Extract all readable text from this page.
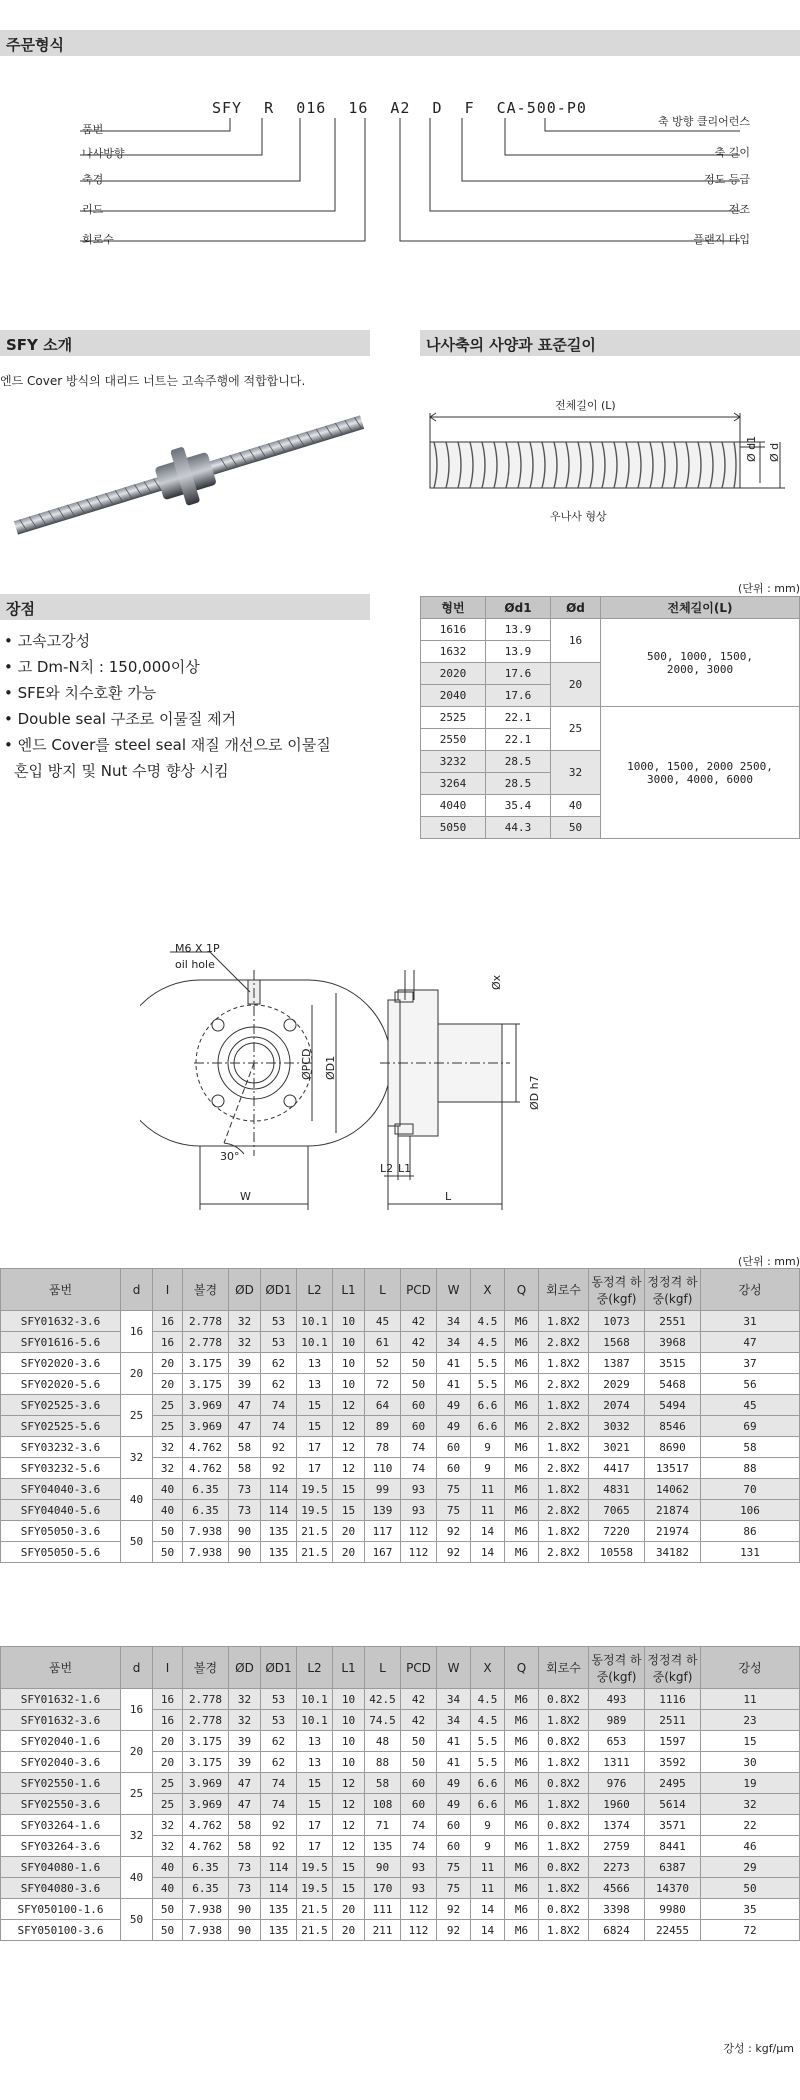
주문형식
SFY R 016 16 A2 D F CA-500-P0
품번
나사방향
축경
리드
회로수
축 방향 클리어런스
축 길이
정도 등급
전조
플랜지 타입
SFY 소개
엔드 Cover 방식의 대리드 너트는 고속주행에 적합합니다.
나사축의 사양과 표준길이
전체길이 (L)
Ø d1 Ø d
우나사 형상
(단위 : mm)
형번	Ød1	Ød	전체길이(L)
1616	13.9	16	500, 1000, 1500, 2000, 3000
1632	13.9		
2020	17.6	20	
2040	17.6		
2525	22.1	25	1000, 1500, 2000 2500, 3000, 4000, 6000
2550	22.1		
3232	28.5	32	
3264	28.5		
4040	35.4	40	
5050	44.3	50	
장점
• 고속고강성
• 고 Dm-N치 : 150,000이상
• SFE와 치수호환 가능
• Double seal 구조로 이물질 제거
• 엔드 Cover를 steel seal 재질 개선으로 이물질
혼입 방지 및 Nut 수명 향상 시킴
M6 X 1P
oil hole
ØPCD ØD1
30°
W
Øx
ØD h7
L2 L1
L
(단위 : mm)
품번	d	I	볼경	ØD	ØD1	L2	L1	L	PCD	W	X	Q	회로수	동정격 하중(kgf)	정정격 하중(kgf)	강성
SFY01632-3.6	16	16	2.778	32	53	10.1	10	45	42	34	4.5	M6	1.8X2	1073	2551	31
SFY01616-5.6		16	2.778	32	53	10.1	10	61	42	34	4.5	M6	2.8X2	1568	3968	47
SFY02020-3.6	20	20	3.175	39	62	13	10	52	50	41	5.5	M6	1.8X2	1387	3515	37
SFY02020-5.6		20	3.175	39	62	13	10	72	50	41	5.5	M6	2.8X2	2029	5468	56
SFY02525-3.6	25	25	3.969	47	74	15	12	64	60	49	6.6	M6	1.8X2	2074	5494	45
SFY02525-5.6		25	3.969	47	74	15	12	89	60	49	6.6	M6	2.8X2	3032	8546	69
SFY03232-3.6	32	32	4.762	58	92	17	12	78	74	60	9	M6	1.8X2	3021	8690	58
SFY03232-5.6		32	4.762	58	92	17	12	110	74	60	9	M6	2.8X2	4417	13517	88
SFY04040-3.6	40	40	6.35	73	114	19.5	15	99	93	75	11	M6	1.8X2	4831	14062	70
SFY04040-5.6		40	6.35	73	114	19.5	15	139	93	75	11	M6	2.8X2	7065	21874	106
SFY05050-3.6	50	50	7.938	90	135	21.5	20	117	112	92	14	M6	1.8X2	7220	21974	86
SFY05050-5.6		50	7.938	90	135	21.5	20	167	112	92	14	M6	2.8X2	10558	34182	131
품번	d	I	볼경	ØD	ØD1	L2	L1	L	PCD	W	X	Q	회로수	동정격 하중(kgf)	정정격 하중(kgf)	강성
SFY01632-1.6	16	16	2.778	32	53	10.1	10	42.5	42	34	4.5	M6	0.8X2	493	1116	11
SFY01632-3.6		16	2.778	32	53	10.1	10	74.5	42	34	4.5	M6	1.8X2	989	2511	23
SFY02040-1.6	20	20	3.175	39	62	13	10	48	50	41	5.5	M6	0.8X2	653	1597	15
SFY02040-3.6		20	3.175	39	62	13	10	88	50	41	5.5	M6	1.8X2	1311	3592	30
SFY02550-1.6	25	25	3.969	47	74	15	12	58	60	49	6.6	M6	0.8X2	976	2495	19
SFY02550-3.6		25	3.969	47	74	15	12	108	60	49	6.6	M6	1.8X2	1960	5614	32
SFY03264-1.6	32	32	4.762	58	92	17	12	71	74	60	9	M6	0.8X2	1374	3571	22
SFY03264-3.6		32	4.762	58	92	17	12	135	74	60	9	M6	1.8X2	2759	8441	46
SFY04080-1.6	40	40	6.35	73	114	19.5	15	90	93	75	11	M6	0.8X2	2273	6387	29
SFY04080-3.6		40	6.35	73	114	19.5	15	170	93	75	11	M6	1.8X2	4566	14370	50
SFY050100-1.6	50	50	7.938	90	135	21.5	20	111	112	92	14	M6	0.8X2	3398	9980	35
SFY050100-3.6		50	7.938	90	135	21.5	20	211	112	92	14	M6	1.8X2	6824	22455	72
강성 : kgf/μm
